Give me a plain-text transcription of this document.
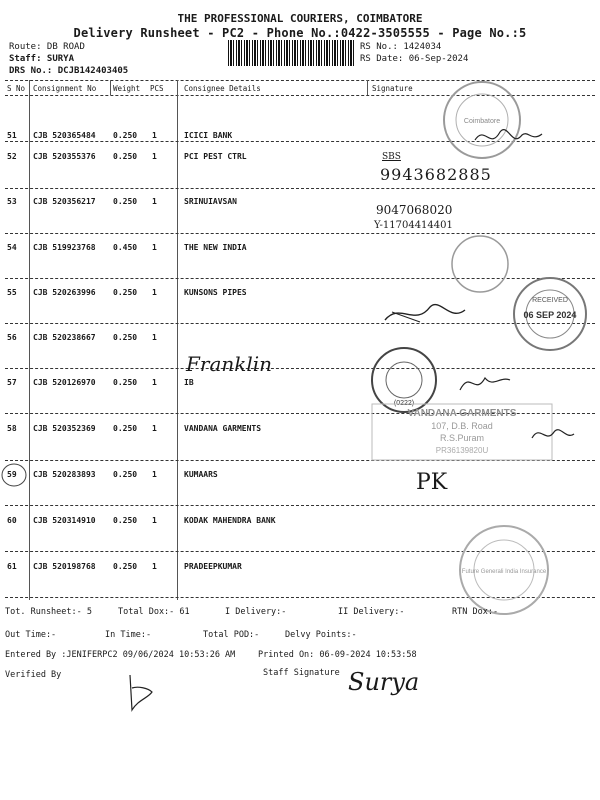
THE PROFESSIONAL COURIERS, COIMBATORE
Delivery Runsheet - PC2 - Phone No.:0422-3505555 - Page No.:5
Route: DB ROAD
Staff: SURYA
DRS No.: DCJB142403405
RS No.: 1424034
RS Date: 06-Sep-2024
S No Consignment No Weight PCS	Consignee Details	Signature
51 CJB 520365484 0.250 1	ICICI BANK
52 CJB 520355376 0.250 1	PCI PEST CTRL
53 CJB 520356217 0.250 1	SRINUIAVSAN
54 CJB 519923768 0.450 1	THE NEW INDIA
55 CJB 520263996 0.250 1	KUNSONS PIPES
56 CJB 520238667 0.250 1
57 CJB 520126970 0.250 1	IB
58 CJB 520352369 0.250 1	VANDANA GARMENTS
59 CJB 520283893 0.250 1	KUMAARS
60 CJB 520314910 0.250 1	KODAK MAHENDRA BANK
61 CJB 520198768 0.250 1	PRADEEPKUMAR
Coimbatore
SBS
9943682885
9047068020
Y-11704414401
RECEIVED
06 SEP 2024
Franklin
(0222)
VANDANA GARMENTS
107, D.B. Road
R.S.Puram
PR36139820U
PK
Future Generali India Insurance
Tot. Runsheet:- 5	Total Dox:- 61	I Delivery:-	II Delivery:-	RTN Dox:-
Out Time:-	In Time:-	Total POD:-	Delvy Points:-
Entered By :JENIFERPC2 09/06/2024 10:53:26 AM	Printed On: 06-09-2024 10:53:58
Verified By	Staff Signature Surya
